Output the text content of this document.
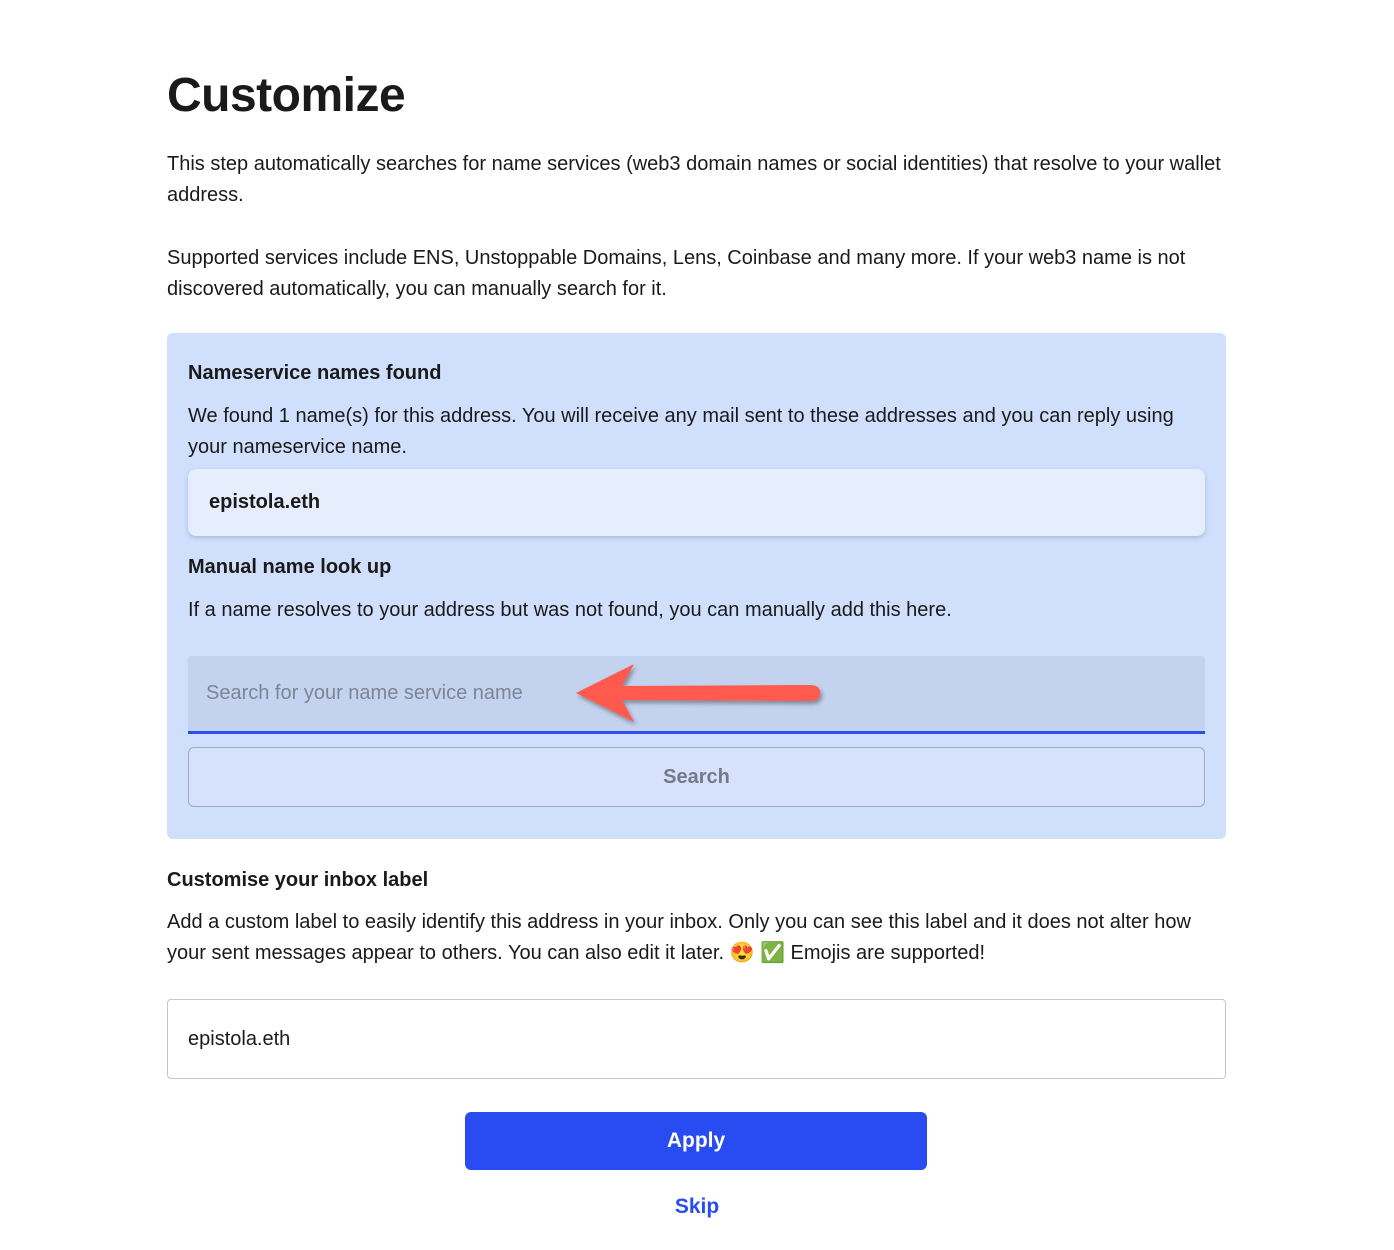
Customize

This step automatically searches for name services (web3 domain names or social identities) that resolve to your wallet address.

Supported services include ENS, Unstoppable Domains, Lens, Coinbase and many more. If your web3 name is not discovered automatically, you can manually search for it.

Nameservice names found
We found 1 name(s) for this address. You will receive any mail sent to these addresses and you can reply using your nameservice name.
epistola.eth
Manual name look up
If a name resolves to your address but was not found, you can manually add this here.
Search for your name service name
Search
Customise your inbox label

Add a custom label to easily identify this address in your inbox. Only you can see this label and it does not alter how your sent messages appear to others. You can also edit it later. 😍 ✅ Emojis are supported!

epistola.eth
Apply
Skip
